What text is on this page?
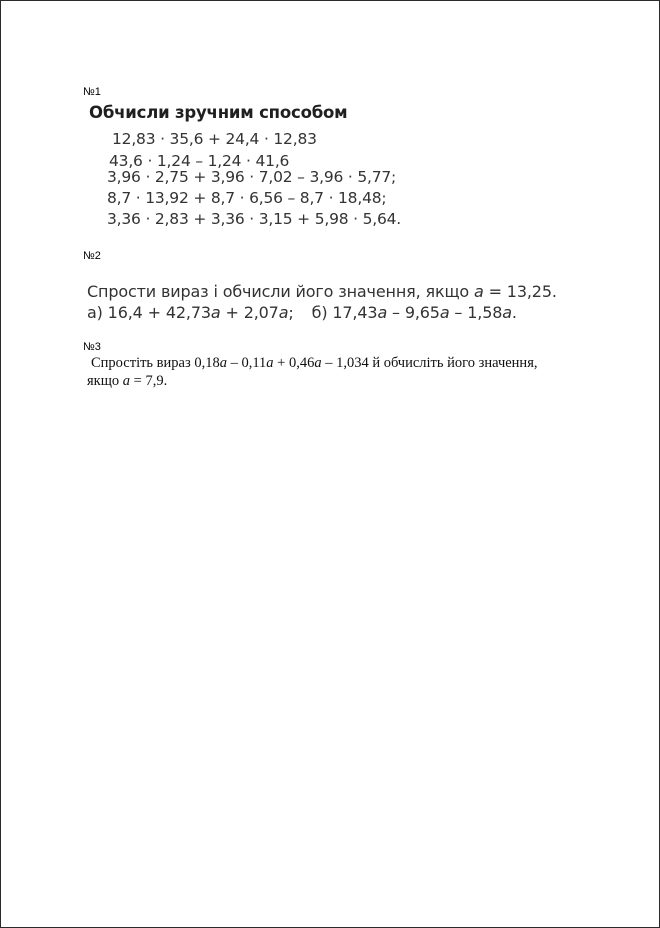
№1
Обчисли зручним способом
12,83 · 35,6 + 24,4 · 12,83
43,6 · 1,24 – 1,24 · 41,6
3,96 · 2,75 + 3,96 · 7,02 – 3,96 · 5,77;
8,7 · 13,92 + 8,7 · 6,56 – 8,7 · 18,48;
3,36 · 2,83 + 3,36 · 3,15 + 5,98 · 5,64.
№2
Спрости вираз і обчисли його значення, якщо a = 13,25.
а) 16,4 + 42,73a + 2,07a; б) 17,43a – 9,65a – 1,58a.
№3
Спростіть вираз 0,18a – 0,11a + 0,46a – 1,034 й обчисліть його значення,
якщо a = 7,9.
